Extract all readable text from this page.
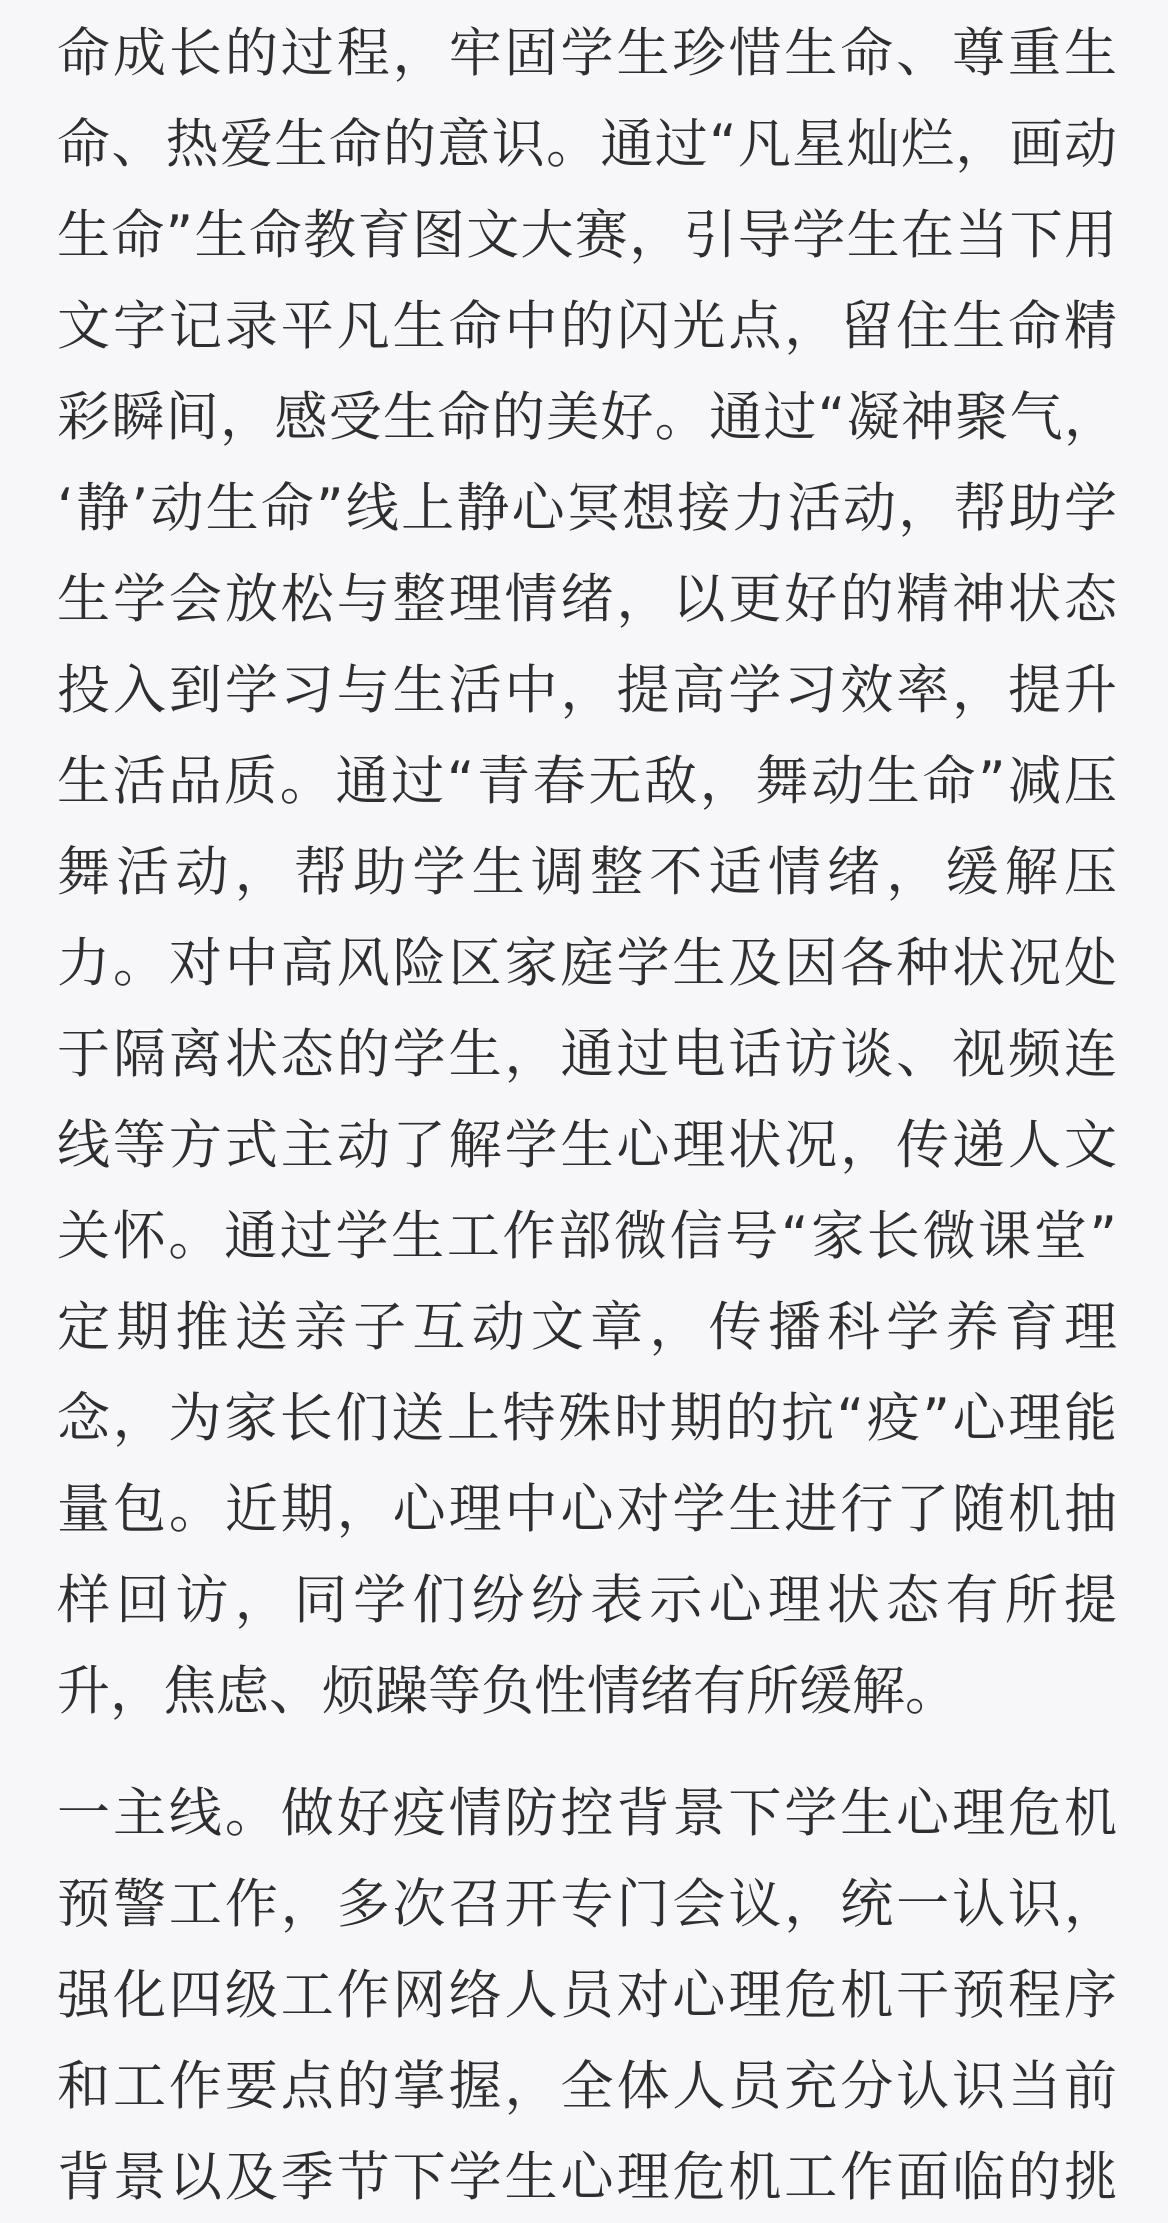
命成长的过程，牢固学生珍惜生命、尊重生
命、热爱生命的意识。通过“凡星灿烂，画动
生命”生命教育图文大赛，引导学生在当下用
文字记录平凡生命中的闪光点，留住生命精
彩瞬间，感受生命的美好。通过“凝神聚气，
‘静’动生命”线上静心冥想接力活动，帮助学
生学会放松与整理情绪，以更好的精神状态
投入到学习与生活中，提高学习效率，提升
生活品质。通过“青春无敌，舞动生命”减压
舞活动，帮助学生调整不适情绪，缓解压
力。对中高风险区家庭学生及因各种状况处
于隔离状态的学生，通过电话访谈、视频连
线等方式主动了解学生心理状况，传递人文
关怀。通过学生工作部微信号“家长微课堂”
定期推送亲子互动文章，传播科学养育理
念，为家长们送上特殊时期的抗“疫”心理能
量包。近期，心理中心对学生进行了随机抽
样回访，同学们纷纷表示心理状态有所提
升，焦虑、烦躁等负性情绪有所缓解。

一主线。做好疫情防控背景下学生心理危机
预警工作，多次召开专门会议，统一认识，
强化四级工作网络人员对心理危机干预程序
和工作要点的掌握，全体人员充分认识当前
背景以及季节下学生心理危机工作面临的挑
